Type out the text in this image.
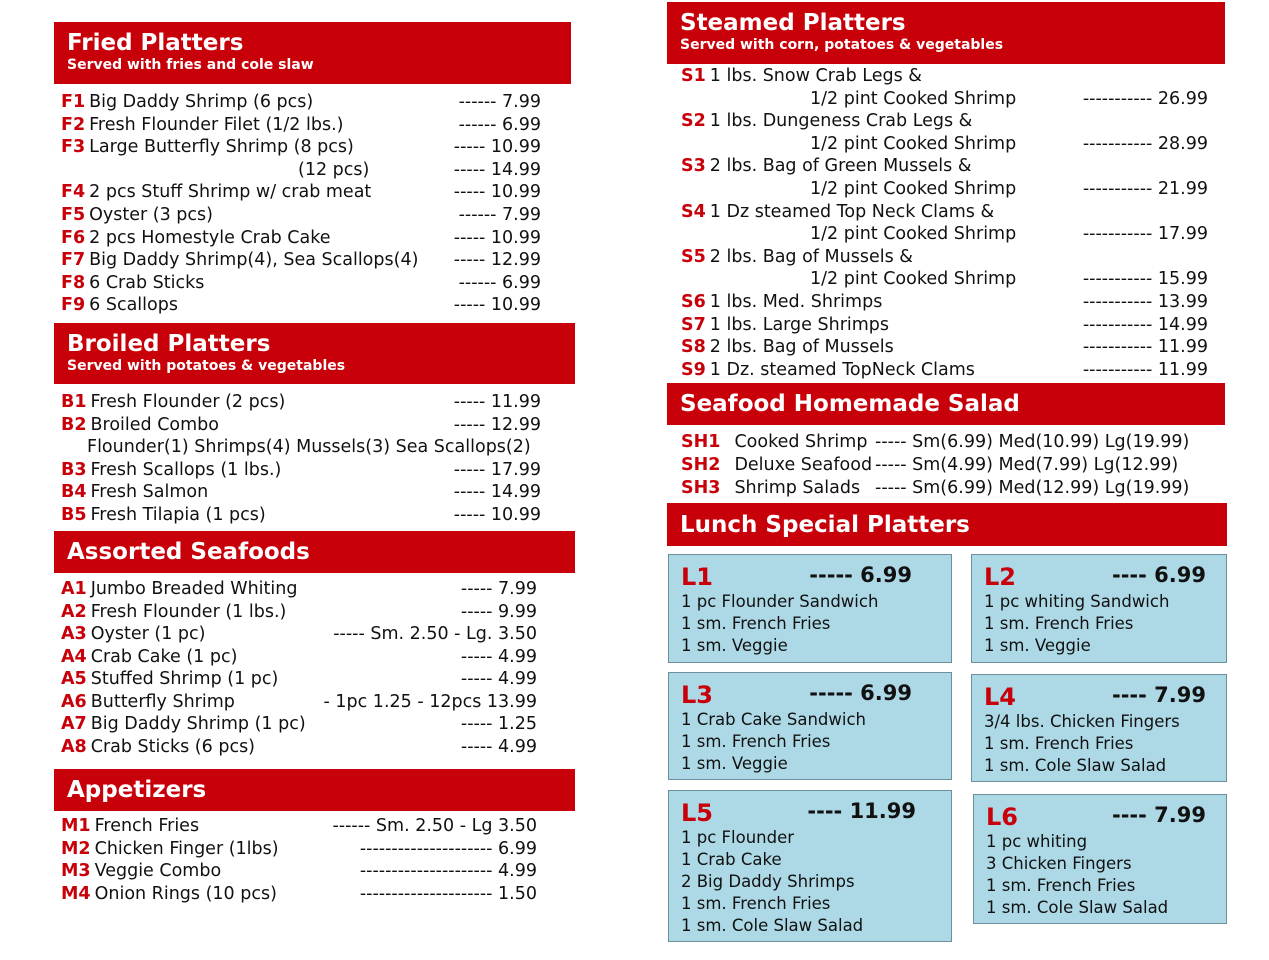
Fried Platters
Served with fries and cole slaw
Broiled Platters
Served with potatoes & vegetables
Assorted Seafoods
Appetizers
Steamed Platters
Served with corn, potatoes & vegetables
Seafood Homemade Salad
Lunch Special Platters
F1 Big Daddy Shrimp (6 pcs)	------ 7.99
F2 Fresh Flounder Filet (1/2 lbs.)	------ 6.99
F3 Large Butterfly Shrimp (8 pcs)	----- 10.99
(12 pcs)	----- 14.99
F4 2 pcs Stuff Shrimp w/ crab meat	----- 10.99
F5 Oyster (3 pcs)	------ 7.99
F6 2 pcs Homestyle Crab Cake	----- 10.99
F7 Big Daddy Shrimp(4), Sea Scallops(4) ----- 12.99
F8 6 Crab Sticks	------ 6.99
F9 6 Scallops	----- 10.99
B1 Fresh Flounder (2 pcs)	----- 11.99
B2 Broiled Combo	----- 12.99
Flounder(1) Shrimps(4) Mussels(3) Sea Scallops(2)
B3 Fresh Scallops (1 lbs.)	----- 17.99
B4 Fresh Salmon	----- 14.99
B5 Fresh Tilapia (1 pcs)	----- 10.99
S1 1 lbs. Snow Crab Legs &
1/2 pint Cooked Shrimp	----------- 26.99
S2 1 lbs. Dungeness Crab Legs &
1/2 pint Cooked Shrimp	----------- 28.99
S3 2 lbs. Bag of Green Mussels &
1/2 pint Cooked Shrimp	----------- 21.99
S4 1 Dz steamed Top Neck Clams &
1/2 pint Cooked Shrimp	----------- 17.99
S5 2 lbs. Bag of Mussels &
1/2 pint Cooked Shrimp	----------- 15.99
S6 1 lbs. Med. Shrimps	----------- 13.99
S7 1 lbs. Large Shrimps	----------- 14.99
S8 2 lbs. Bag of Mussels	----------- 11.99
S9 1 Dz. steamed TopNeck Clams	----------- 11.99
A1 Jumbo Breaded Whiting	----- 7.99
A2 Fresh Flounder (1 lbs.)	----- 9.99
A3 Oyster (1 pc)	----- Sm. 2.50 - Lg. 3.50
A4 Crab Cake (1 pc)	----- 4.99
A5 Stuffed Shrimp (1 pc)	----- 4.99
A6 Butterfly Shrimp	- 1pc 1.25 - 12pcs 13.99
A7 Big Daddy Shrimp (1 pc)	----- 1.25
A8 Crab Sticks (6 pcs)	----- 4.99
M1 French Fries	------ Sm. 2.50 - Lg 3.50
M2 Chicken Finger (1lbs)	--------------------- 6.99
M3 Veggie Combo	--------------------- 4.99
M4 Onion Rings (10 pcs)	--------------------- 1.50
SH1 Cooked Shrimp ----- Sm(6.99) Med(10.99) Lg(19.99)
SH2 Deluxe Seafood ----- Sm(4.99) Med(7.99) Lg(12.99)
SH3 Shrimp Salads ----- Sm(6.99) Med(12.99) Lg(19.99)
L1	----- 6.99
1 pc Flounder Sandwich
1 sm. French Fries
1 sm. Veggie
L2	---- 6.99
1 pc whiting Sandwich
1 sm. French Fries
1 sm. Veggie
L3	----- 6.99
1 Crab Cake Sandwich
1 sm. French Fries
1 sm. Veggie
L4	---- 7.99
3/4 lbs. Chicken Fingers
1 sm. French Fries
1 sm. Cole Slaw Salad
L5	---- 11.99
1 pc Flounder
1 Crab Cake
2 Big Daddy Shrimps
1 sm. French Fries
1 sm. Cole Slaw Salad
L6	---- 7.99
1 pc whiting
3 Chicken Fingers
1 sm. French Fries
1 sm. Cole Slaw Salad
